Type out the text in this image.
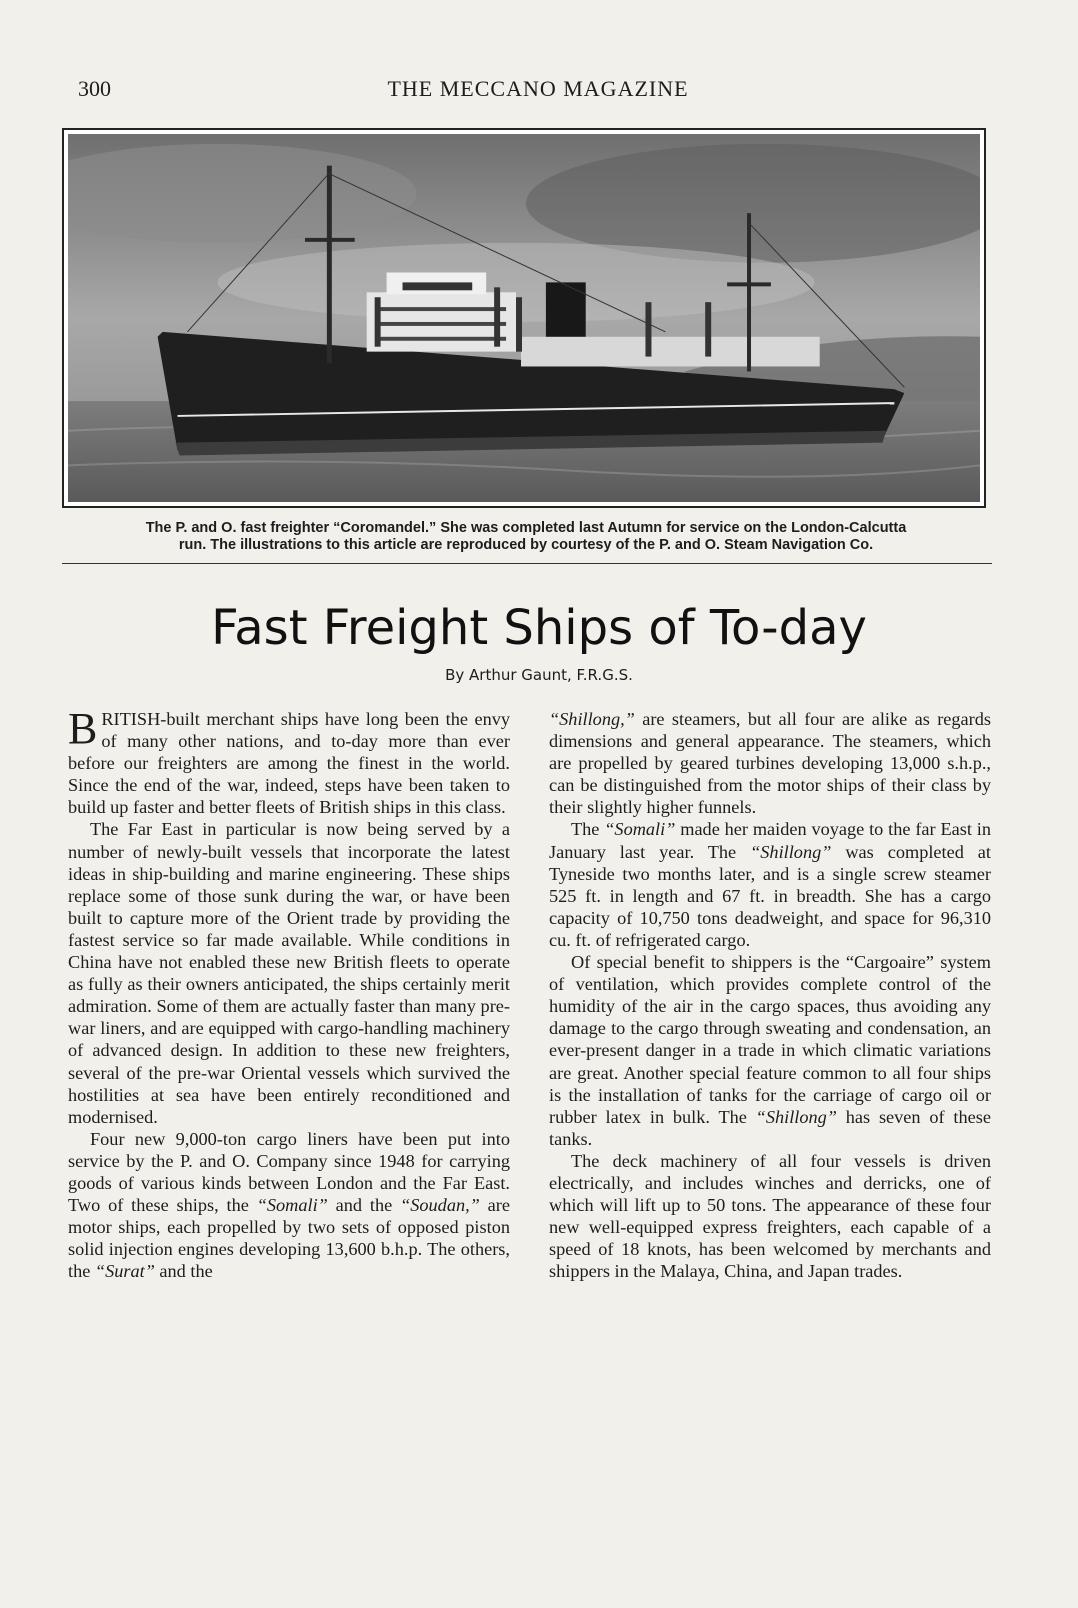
300	THE MECCANO MAGAZINE
The P. and O. fast freighter “Coromandel.” She was completed last Autumn for service on the London-Calcutta
run. The illustrations to this article are reproduced by courtesy of the P. and O. Steam Navigation Co.
Fast Freight Ships of To-day
By Arthur Gaunt, F.R.G.S.

BRITISH-built merchant ships have long been the envy of many other nations, and to-day more than ever before our freighters are among the finest in the world. Since the end of the war, indeed, steps have been taken to build up faster and better fleets of British ships in this class.

The Far East in particular is now being served by a number of newly-built vessels that incorporate the latest ideas in ship-building and marine engineering. These ships replace some of those sunk during the war, or have been built to capture more of the Orient trade by providing the fastest service so far made available. While conditions in China have not enabled these new British fleets to operate as fully as their owners anticipated, the ships certainly merit admiration. Some of them are actually faster than many pre-war liners, and are equipped with cargo-handling machinery of advanced design. In addition to these new freighters, several of the pre-war Oriental vessels which survived the hostilities at sea have been entirely reconditioned and modernised.

Four new 9,000-ton cargo liners have been put into service by the P. and O. Company since 1948 for carrying goods of various kinds between London and the Far East. Two of these ships, the “Somali” and the “Soudan,” are motor ships, each propelled by two sets of opposed piston solid injection engines developing 13,600 b.h.p. The others, the “Surat” and the

“Shillong,” are steamers, but all four are alike as regards dimensions and general appearance. The steamers, which are propelled by geared turbines developing 13,000 s.h.p., can be distinguished from the motor ships of their class by their slightly higher funnels.

The “Somali” made her maiden voyage to the far East in January last year. The “Shillong” was completed at Tyneside two months later, and is a single screw steamer 525 ft. in length and 67 ft. in breadth. She has a cargo capacity of 10,750 tons deadweight, and space for 96,310 cu. ft. of refrigerated cargo.

Of special benefit to shippers is the “Cargoaire” system of ventilation, which provides complete control of the humidity of the air in the cargo spaces, thus avoiding any damage to the cargo through sweating and condensation, an ever-present danger in a trade in which climatic variations are great. Another special feature common to all four ships is the installation of tanks for the carriage of cargo oil or rubber latex in bulk. The “Shillong” has seven of these tanks.

The deck machinery of all four vessels is driven electrically, and includes winches and derricks, one of which will lift up to 50 tons. The appearance of these four new well-equipped express freighters, each capable of a speed of 18 knots, has been welcomed by merchants and shippers in the Malaya, China, and Japan trades.
